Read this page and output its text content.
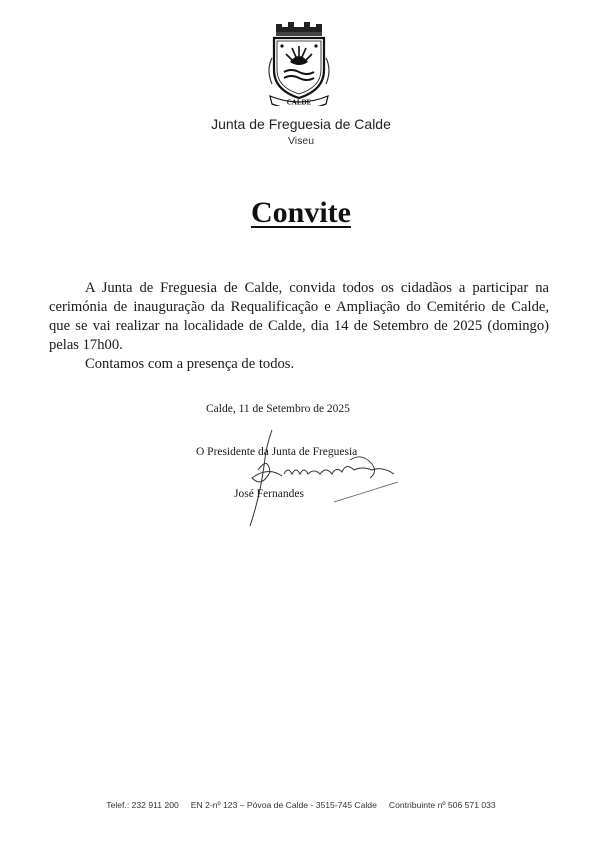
CALDE
Junta de Freguesia de Calde
Viseu
Convite

A Junta de Freguesia de Calde, convida todos os cidadãos a participar na cerimónia de inauguração da Requalificação e Ampliação do Cemitério de Calde, que se vai realizar na localidade de Calde, dia 14 de Setembro de 2025 (domingo) pelas 17h00.

Contamos com a presença de todos.

Calde, 11 de Setembro de 2025
O Presidente da Junta de Freguesia
José Fernandes
Telef.: 232 911 200 EN 2-nº 123 – Póvoa de Calde - 3515-745 Calde Contribuinte nº 506 571 033
